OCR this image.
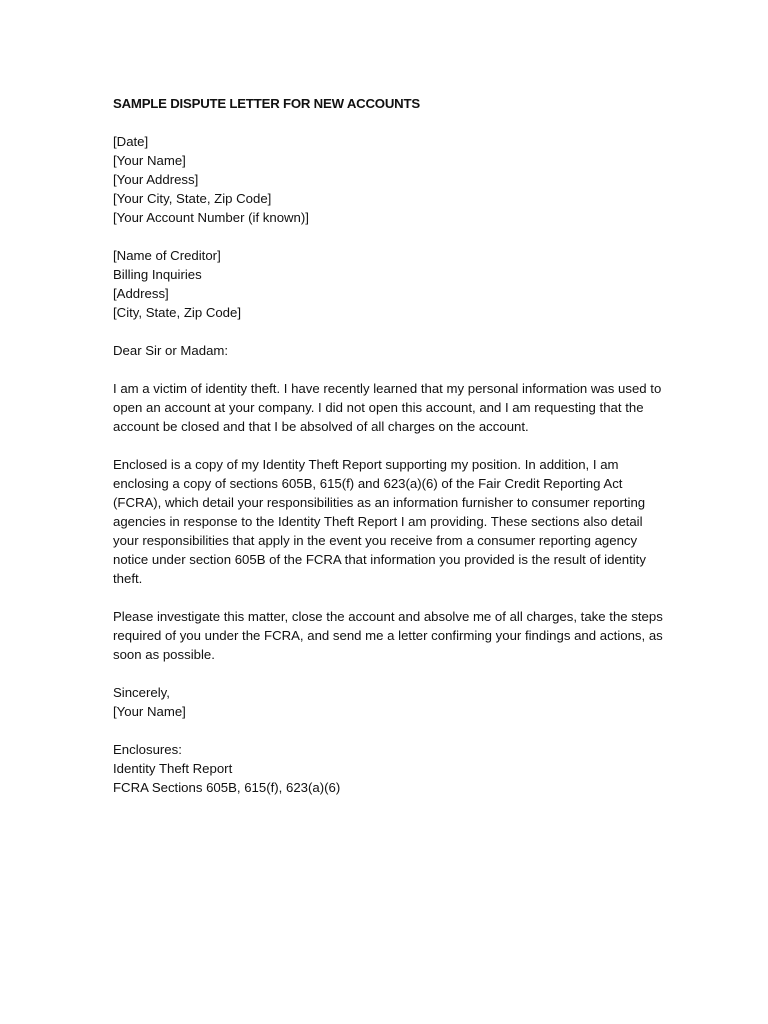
SAMPLE DISPUTE LETTER FOR NEW ACCOUNTS
[Date]
[Your Name]
[Your Address]
[Your City, State, Zip Code]
[Your Account Number (if known)]
[Name of Creditor]
Billing Inquiries
[Address]
[City, State, Zip Code]
Dear Sir or Madam:

I am a victim of identity theft. I have recently learned that my personal information was used to open an account at your company. I did not open this account, and I am requesting that the account be closed and that I be absolved of all charges on the account.

Enclosed is a copy of my Identity Theft Report supporting my position. In addition, I am enclosing a copy of sections 605B, 615(f) and 623(a)(6) of the Fair Credit Reporting Act (FCRA), which detail your responsibilities as an information furnisher to consumer reporting agencies in response to the Identity Theft Report I am providing. These sections also detail your responsibilities that apply in the event you receive from a consumer reporting agency notice under section 605B of the FCRA that information you provided is the result of identity theft.

Please investigate this matter, close the account and absolve me of all charges, take the steps required of you under the FCRA, and send me a letter confirming your findings and actions, as soon as possible.

Sincerely,
[Your Name]
Enclosures:
Identity Theft Report
FCRA Sections 605B, 615(f), 623(a)(6)
